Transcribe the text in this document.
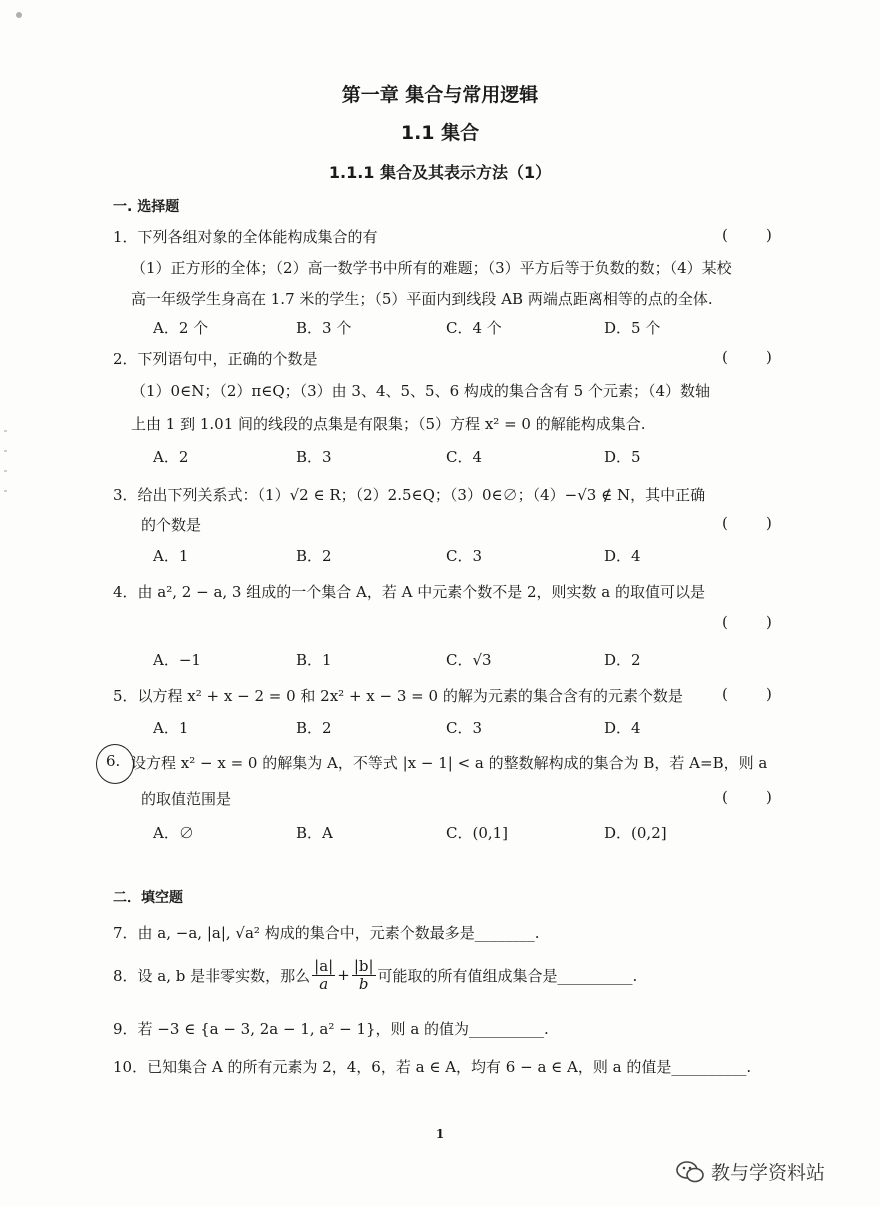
第一章 集合与常用逻辑
1.1 集合
1.1.1 集合及其表示方法（1）
一. 选择题
1．下列各组对象的全体能构成集合的有	(        )
（1）正方形的全体；（2）高一数学书中所有的难题；（3）平方后等于负数的数；（4）某校
高一年级学生身高在 1.7 米的学生；（5）平面内到线段 AB 两端点距离相等的点的全体.
A．2 个	B．3 个	C．4 个	D．5 个
2．下列语句中，正确的个数是	(        )
（1）0∈N；（2）π∈Q；（3）由 3、4、5、5、6 构成的集合含有 5 个元素；（4）数轴
上由 1 到 1.01 间的线段的点集是有限集；（5）方程 x² = 0 的解能构成集合.
A．2	B．3	C．4	D．5
3．给出下列关系式：（1）√2 ∈ R；（2）2.5∈Q；（3）0∈∅；（4）−√3 ∉ N，其中正确
的个数是	(        )
A．1	B．2	C．3	D．4
4．由 a², 2 − a, 3 组成的一个集合 A，若 A 中元素个数不是 2，则实数 a 的取值可以是
(        )
A．−1	B．1	C．√3	D．2
5．以方程 x² + x − 2 = 0 和 2x² + x − 3 = 0 的解为元素的集合含有的元素个数是	(        )
A．1	B．2	C．3	D．4
6. 设方程 x² − x = 0 的解集为 A，不等式 |x − 1| < a 的整数解构成的集合为 B，若 A=B，则 a
的取值范围是	(        )
A．∅	B．A	C．(0,1]	D．(0,2]
二．填空题
7．由 a, −a, |a|, √a² 构成的集合中，元素个数最多是________.
8．设 a, b 是非零实数，那么 $\frac{|a|}{a} + \frac{|b|}{b}$ 可能取的所有值组成集合是__________.
9．若 −3 ∈ {a − 3, 2a − 1, a² − 1}，则 a 的值为__________.
10．已知集合 A 的所有元素为 2，4，6，若 a ∈ A，均有 6 − a ∈ A，则 a 的值是__________.
1
教与学资料站
